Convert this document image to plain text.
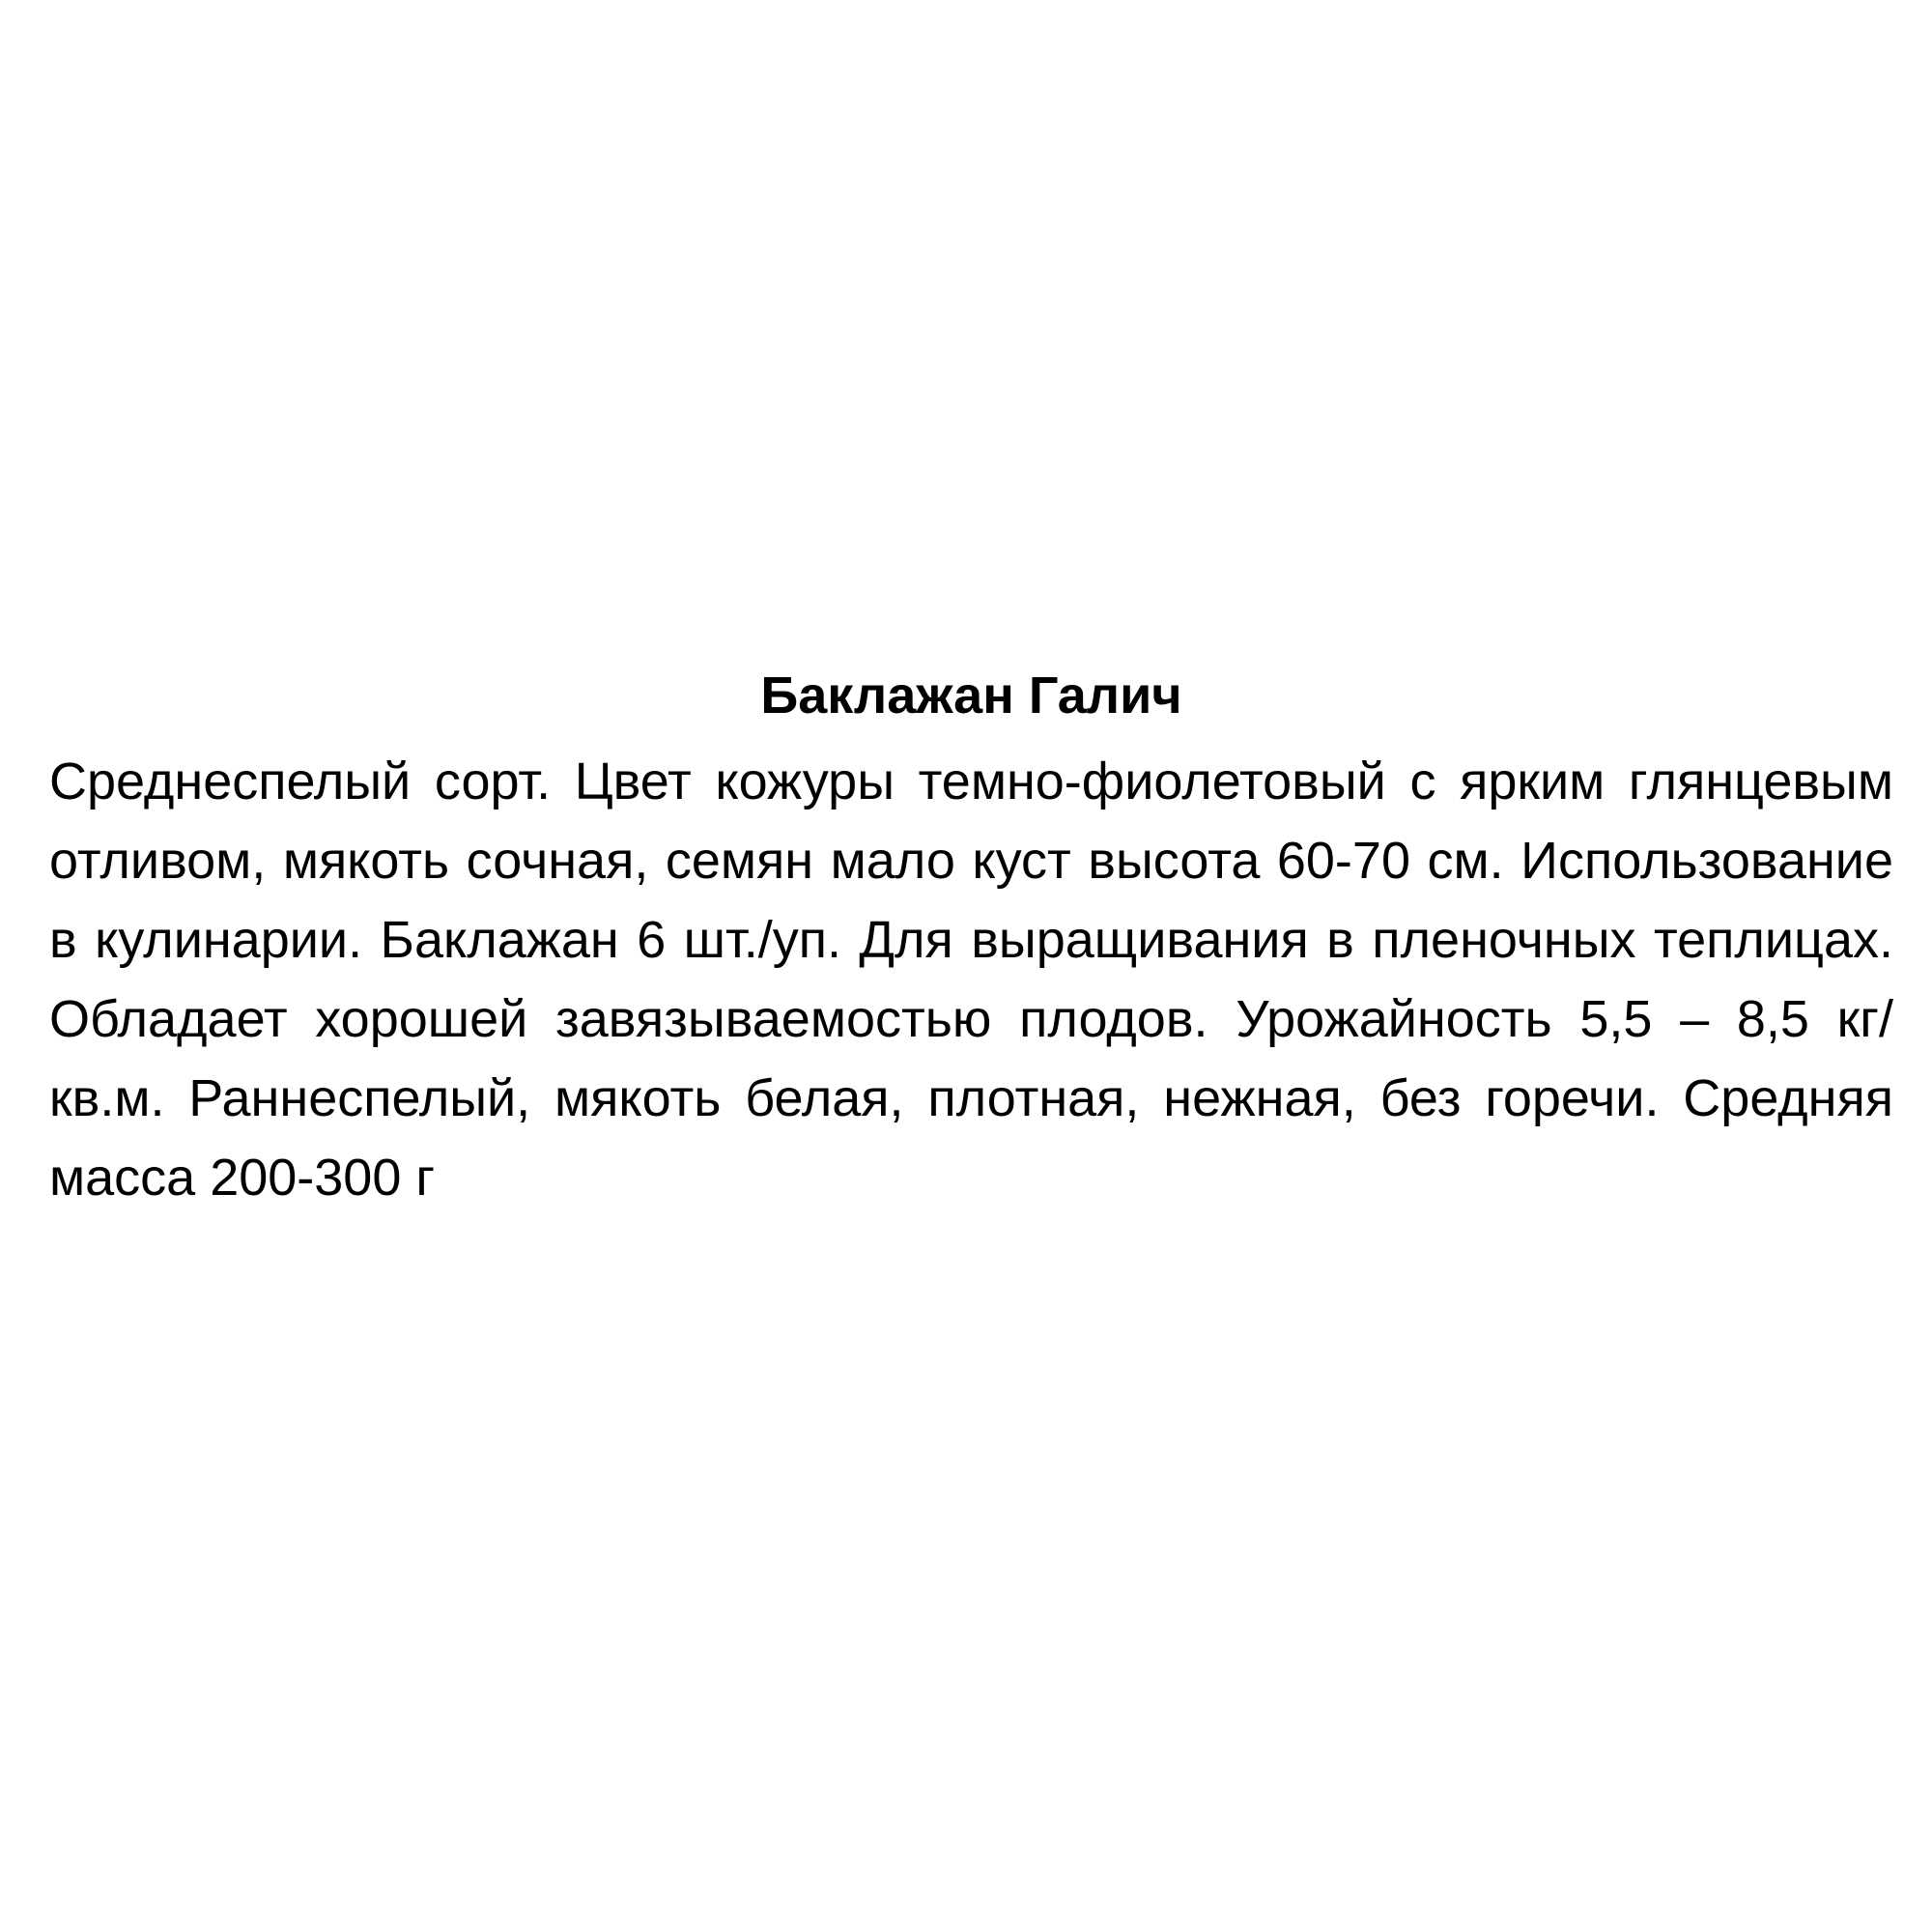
Баклажан Галич

Среднеспелый сорт. Цвет кожуры темно-фиолетовый с ярким глянцевым отливом, мякоть сочная, семян мало куст высота 60-70 см. Использование в кулинарии. Баклажан 6 шт./уп. Для выращивания в пленочных теплицах. Обладает хорошей завязываемостью плодов. Урожайность 5,5 – 8,5 кг/кв.м. Раннеспелый, мякоть белая, плотная, нежная, без горечи. Средняя масса 200-300 г
